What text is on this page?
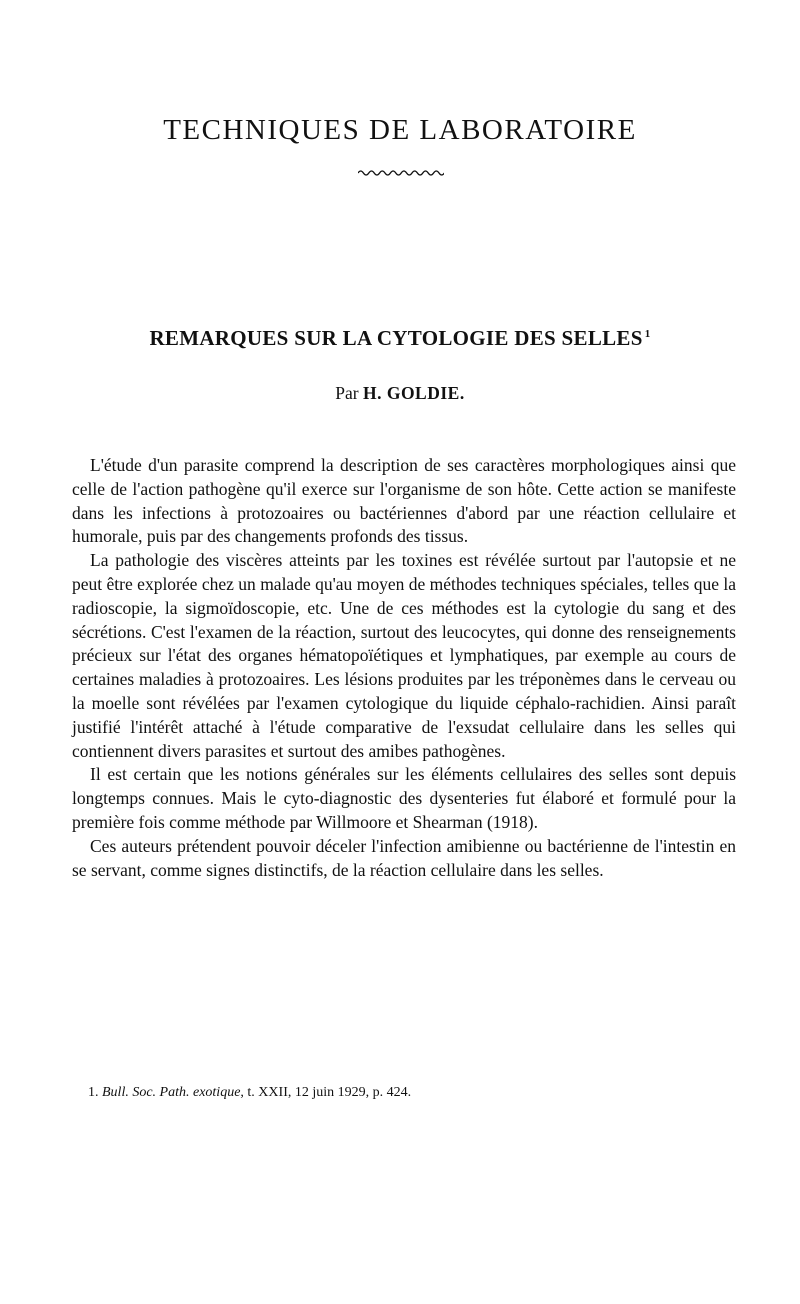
TECHNIQUES DE LABORATOIRE
REMARQUES SUR LA CYTOLOGIE DES SELLES $^1$
Par H. GOLDIE.

L'étude d'un parasite comprend la description de ses caractères morphologiques ainsi que celle de l'action pathogène qu'il exerce sur l'organisme de son hôte. Cette action se manifeste dans les infections à protozoaires ou bactériennes d'abord par une réaction cellulaire et humorale, puis par des changements profonds des tissus.

La pathologie des viscères atteints par les toxines est révélée surtout par l'autopsie et ne peut être explorée chez un malade qu'au moyen de méthodes techniques spéciales, telles que la radioscopie, la sigmoïdoscopie, etc. Une de ces méthodes est la cytologie du sang et des sécrétions. C'est l'examen de la réaction, surtout des leucocytes, qui donne des renseignements précieux sur l'état des organes hématopoïétiques et lymphatiques, par exemple au cours de certaines maladies à protozoaires. Les lésions produites par les tréponèmes dans le cerveau ou la moelle sont révélées par l'examen cytologique du liquide céphalo-rachidien. Ainsi paraît justifié l'intérêt attaché à l'étude comparative de l'exsudat cellulaire dans les selles qui contiennent divers parasites et surtout des amibes pathogènes.

Il est certain que les notions générales sur les éléments cellulaires des selles sont depuis longtemps connues. Mais le cyto-diagnostic des dysenteries fut élaboré et formulé pour la première fois comme méthode par Willmoore et Shearman (1918).

Ces auteurs prétendent pouvoir déceler l'infection amibienne ou bactérienne de l'intestin en se servant, comme signes distinctifs, de la réaction cellulaire dans les selles.

1. Bull. Soc. Path. exotique, t. XXII, 12 juin 1929, p. 424.
